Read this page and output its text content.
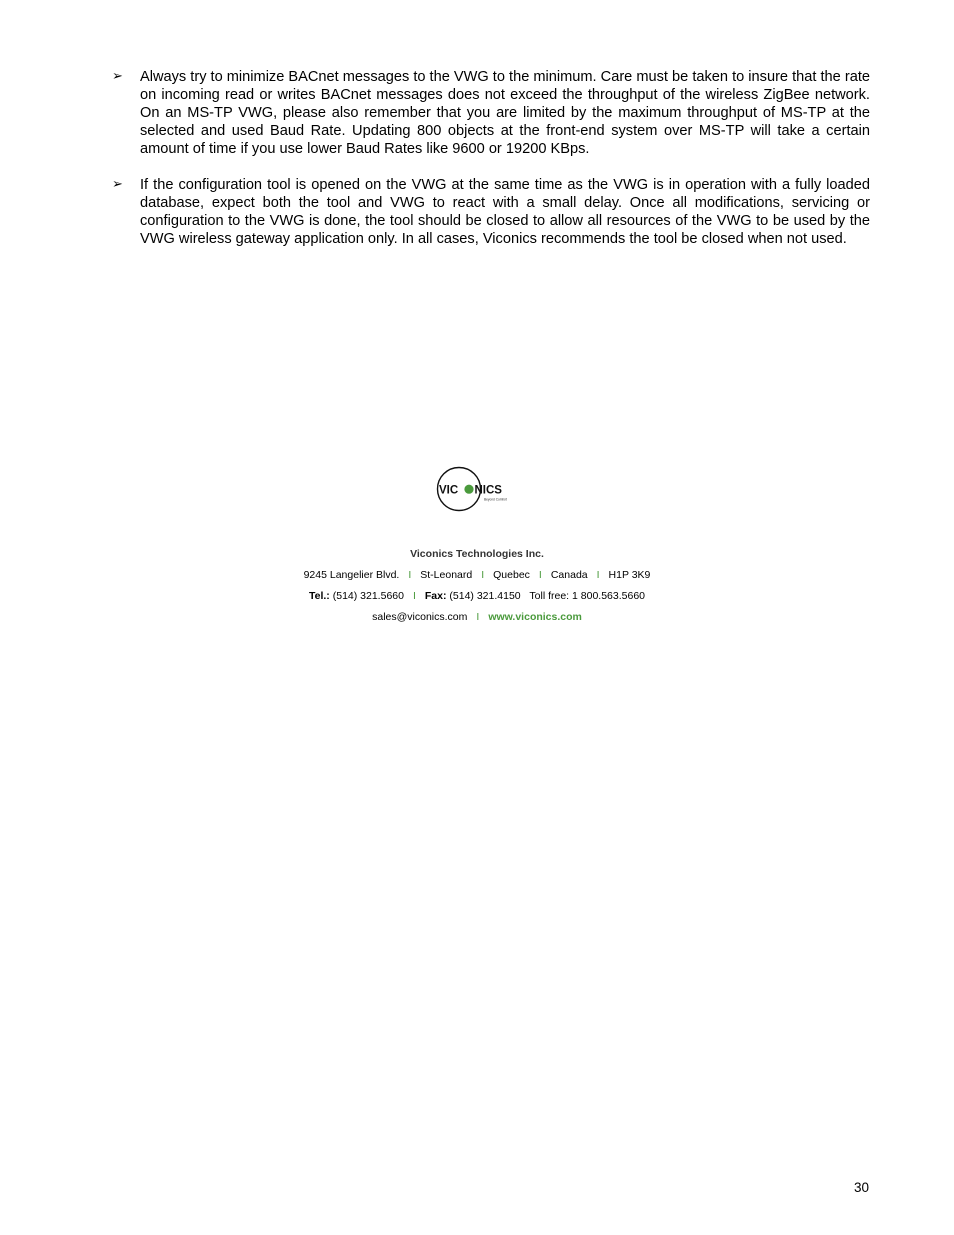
➢	Always try to minimize BACnet messages to the VWG to the minimum. Care must be taken to insure that the rate on incoming read or writes BACnet messages does not exceed the throughput of the wireless ZigBee network. On an MS-TP VWG, please also remember that you are limited by the maximum throughput of MS-TP at the selected and used Baud Rate. Updating 800 objects at the front-end system over MS-TP will take a certain amount of time if you use lower Baud Rates like 9600 or 19200 KBps.
➢	If the configuration tool is opened on the VWG at the same time as the VWG is in operation with a fully loaded database, expect both the tool and VWG to react with a small delay. Once all modifications, servicing or configuration to the VWG is done, the tool should be closed to allow all resources of the VWG to be used by the VWG wireless gateway application only. In all cases, Viconics recommends the tool be closed when not used.
VIC NICS
Beyond Comfort
Viconics Technologies Inc.
9245 Langelier Blvd. I St-Leonard I Quebec I Canada I H1P 3K9
Tel.: (514) 321.5660 I Fax: (514) 321.4150 Toll free: 1 800.563.5660
sales@viconics.com I www.viconics.com
30
